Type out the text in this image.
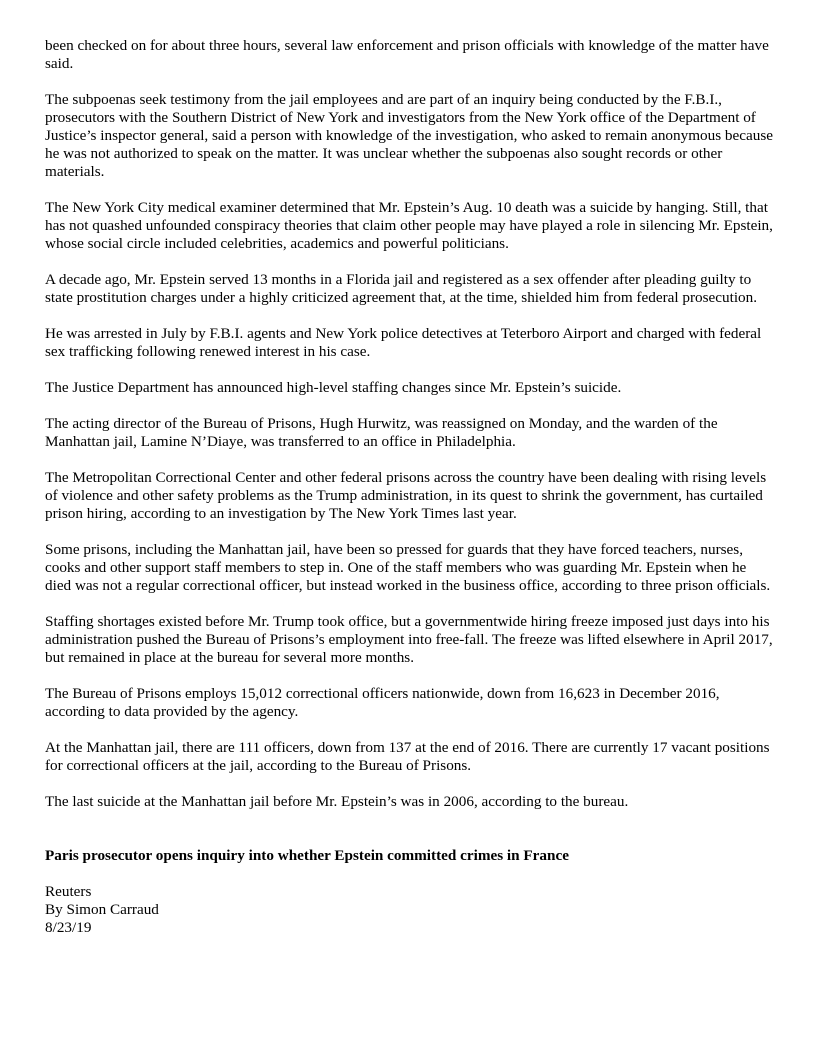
been checked on for about three hours, several law enforcement and prison officials with knowledge of the matter have said.

The subpoenas seek testimony from the jail employees and are part of an inquiry being conducted by the F.B.I., prosecutors with the Southern District of New York and investigators from the New York office of the Department of Justice’s inspector general, said a person with knowledge of the investigation, who asked to remain anonymous because he was not authorized to speak on the matter. It was unclear whether the subpoenas also sought records or other materials.

The New York City medical examiner determined that Mr. Epstein’s Aug. 10 death was a suicide by hanging. Still, that has not quashed unfounded conspiracy theories that claim other people may have played a role in silencing Mr. Epstein, whose social circle included celebrities, academics and powerful politicians.

A decade ago, Mr. Epstein served 13 months in a Florida jail and registered as a sex offender after pleading guilty to state prostitution charges under a highly criticized agreement that, at the time, shielded him from federal prosecution.

He was arrested in July by F.B.I. agents and New York police detectives at Teterboro Airport and charged with federal sex trafficking following renewed interest in his case.

The Justice Department has announced high-level staffing changes since Mr. Epstein’s suicide.

The acting director of the Bureau of Prisons, Hugh Hurwitz, was reassigned on Monday, and the warden of the Manhattan jail, Lamine N’Diaye, was transferred to an office in Philadelphia.

The Metropolitan Correctional Center and other federal prisons across the country have been dealing with rising levels of violence and other safety problems as the Trump administration, in its quest to shrink the government, has curtailed prison hiring, according to an investigation by The New York Times last year.

Some prisons, including the Manhattan jail, have been so pressed for guards that they have forced teachers, nurses, cooks and other support staff members to step in. One of the staff members who was guarding Mr. Epstein when he died was not a regular correctional officer, but instead worked in the business office, according to three prison officials.

Staffing shortages existed before Mr. Trump took office, but a governmentwide hiring freeze imposed just days into his administration pushed the Bureau of Prisons’s employment into free-fall. The freeze was lifted elsewhere in April 2017, but remained in place at the bureau for several more months.

The Bureau of Prisons employs 15,012 correctional officers nationwide, down from 16,623 in December 2016, according to data provided by the agency.

At the Manhattan jail, there are 111 officers, down from 137 at the end of 2016. There are currently 17 vacant positions for correctional officers at the jail, according to the Bureau of Prisons.

The last suicide at the Manhattan jail before Mr. Epstein’s was in 2006, according to the bureau.

Paris prosecutor opens inquiry into whether Epstein committed crimes in France

Reuters

By Simon Carraud

8/23/19
